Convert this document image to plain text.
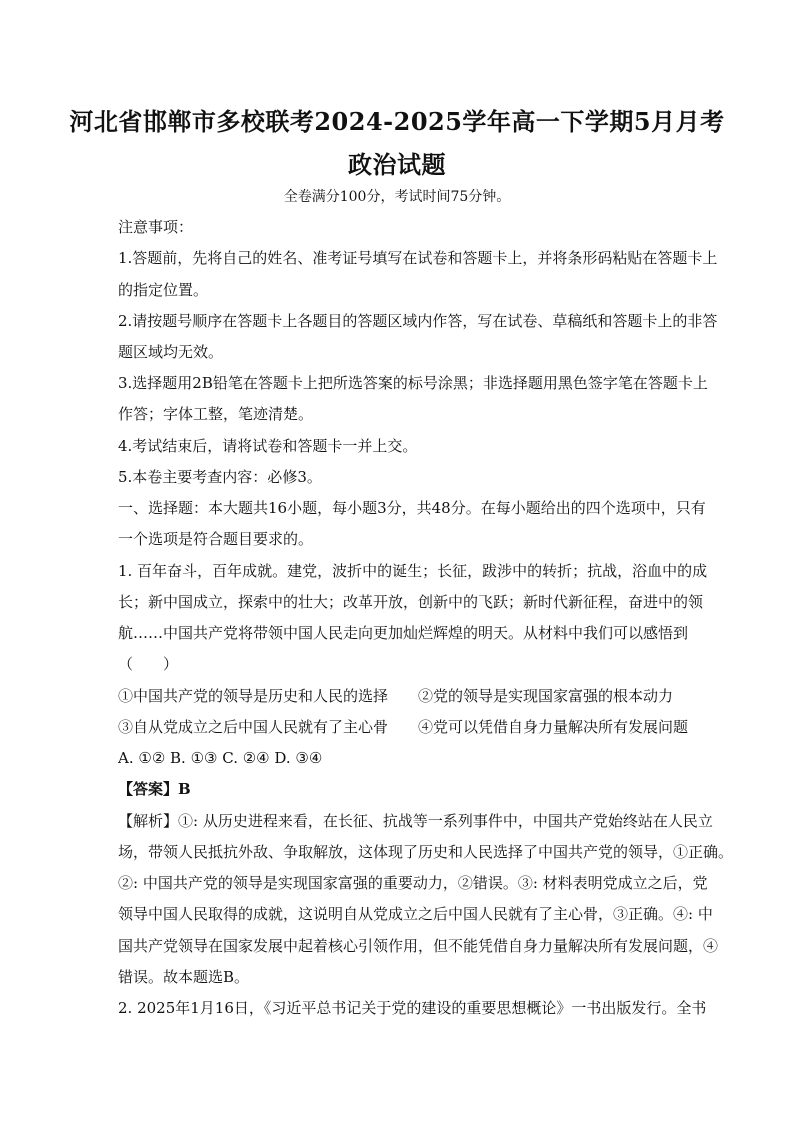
河北省邯郸市多校联考2024-2025学年高一下学期5月月考
政治试题
全卷满分100分，考试时间75分钟。
注意事项：
1.答题前，先将自己的姓名、准考证号填写在试卷和答题卡上，并将条形码粘贴在答题卡上
的指定位置。
2.请按题号顺序在答题卡上各题目的答题区域内作答，写在试卷、草稿纸和答题卡上的非答
题区域均无效。
3.选择题用2B铅笔在答题卡上把所选答案的标号涂黑；非选择题用黑色签字笔在答题卡上
作答；字体工整，笔迹清楚。
4.考试结束后，请将试卷和答题卡一并上交。
5.本卷主要考查内容：必修3。
一、选择题：本大题共16小题，每小题3分，共48分。在每小题给出的四个选项中，只有
一个选项是符合题目要求的。
1. 百年奋斗，百年成就。建党，波折中的诞生；长征，跋涉中的转折；抗战，浴血中的成
长；新中国成立，探索中的壮大；改革开放，创新中的飞跃；新时代新征程，奋进中的领
航……中国共产党将带领中国人民走向更加灿烂辉煌的明天。从材料中我们可以感悟到
（　　）
①中国共产党的领导是历史和人民的选择　　②党的领导是实现国家富强的根本动力
③自从党成立之后中国人民就有了主心骨　　④党可以凭借自身力量解决所有发展问题
A. ①② B. ①③ C. ②④ D. ③④
【答案】B
【解析】①: 从历史进程来看，在长征、抗战等一系列事件中，中国共产党始终站在人民立
场，带领人民抵抗外敌、争取解放，这体现了历史和人民选择了中国共产党的领导，①正确。
②: 中国共产党的领导是实现国家富强的重要动力，②错误。③: 材料表明党成立之后，党
领导中国人民取得的成就，这说明自从党成立之后中国人民就有了主心骨，③正确。④: 中
国共产党领导在国家发展中起着核心引领作用，但不能凭借自身力量解决所有发展问题，④
错误。故本题选B。
2. 2025年1月16日，《习近平总书记关于党的建设的重要思想概论》一书出版发行。全书
